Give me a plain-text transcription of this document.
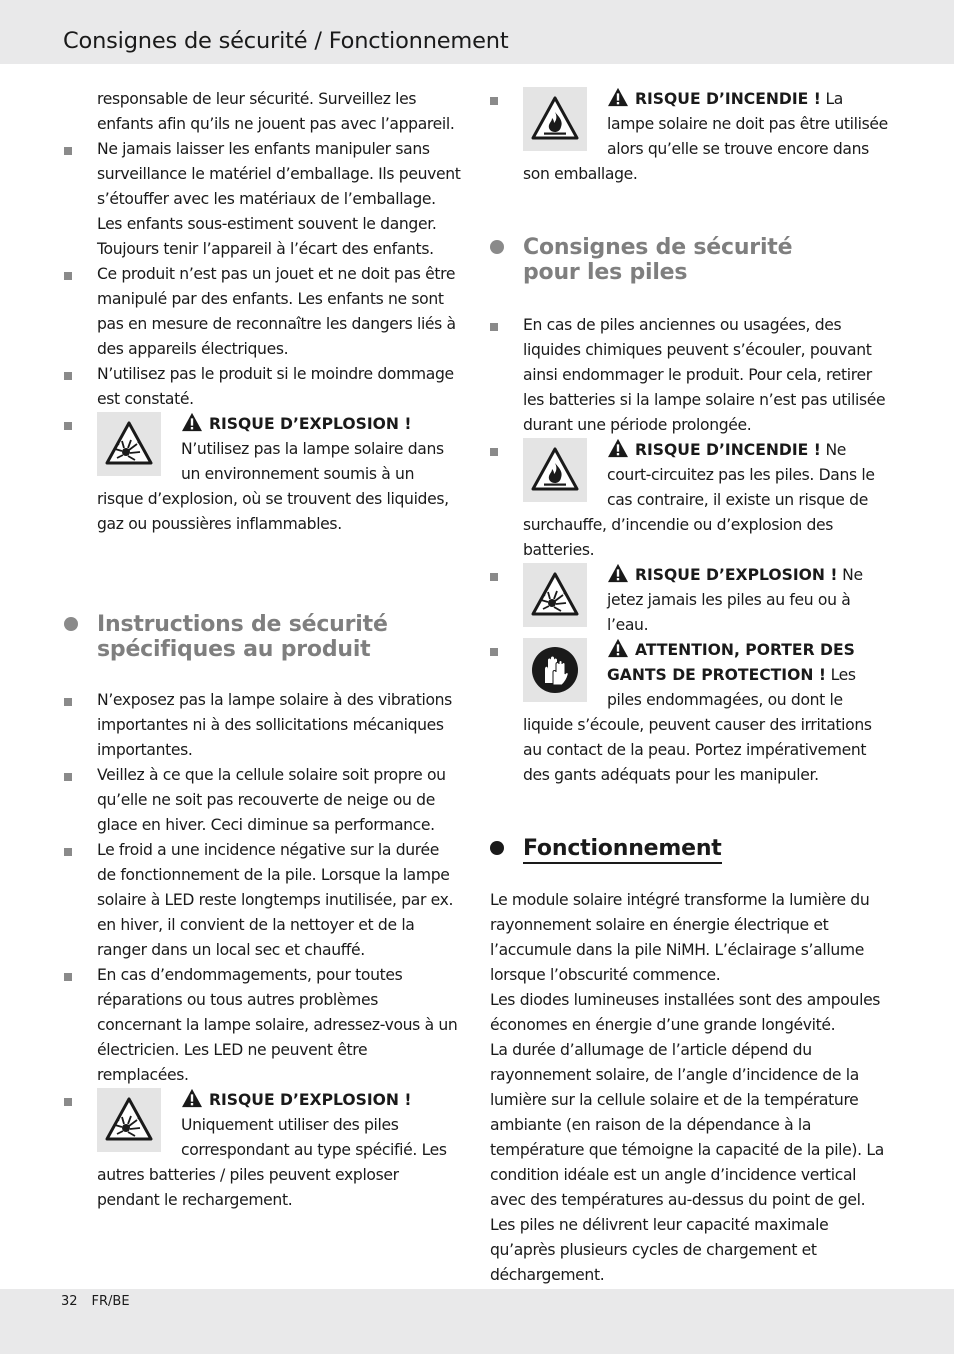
Consignes de sécurité / Fonctionnement

responsable de leur sécurité. Surveillez les enfants afin qu’ils ne jouent pas avec l’appareil.

Ne jamais laisser les enfants manipuler sans surveillance le matériel d’emballage. Ils peuvent s’étouffer avec les matériaux de l’emballage. Les enfants sous-estiment souvent le danger. Toujours tenir l’appareil à l’écart des enfants.
Ce produit n’est pas un jouet et ne doit pas être manipulé par des enfants. Les enfants ne sont pas en mesure de reconnaître les dangers liés à des appareils électriques.
N’utilisez pas le produit si le moindre dommage est constaté.
RISQUE D’EXPLOSION ! N’utilisez pas la lampe solaire dans un environnement soumis à un risque d’explosion, où se trouvent des liquides, gaz ou poussières inflammables.
Instructions de sécurité
spécifiques au produit
N’exposez pas la lampe solaire à des vibrations importantes ni à des sollicitations mécaniques importantes.
Veillez à ce que la cellule solaire soit propre ou qu’elle ne soit pas recouverte de neige ou de glace en hiver. Ceci diminue sa performance.
Le froid a une incidence négative sur la durée de fonctionnement de la pile. Lorsque la lampe solaire à LED reste longtemps inutilisée, par ex. en hiver, il convient de la nettoyer et de la ranger dans un local sec et chauffé.
En cas d’endommagements, pour toutes réparations ou tous autres problèmes concernant la lampe solaire, adressez-vous à un électricien. Les LED ne peuvent être remplacées.
RISQUE D’EXPLOSION ! Uniquement utiliser des piles correspondant au type spécifié. Les autres batteries / piles peuvent exploser pendant le rechargement.
RISQUE D’INCENDIE ! La lampe solaire ne doit pas être utilisée alors qu’elle se trouve encore dans son emballage.
Consignes de sécurité
pour les piles
En cas de piles anciennes ou usagées, des liquides chimiques peuvent s’écouler, pouvant ainsi endommager le produit. Pour cela, retirer les batteries si la lampe solaire n’est pas utilisée durant une période prolongée.
RISQUE D’INCENDIE ! Ne court-circuitez pas les piles. Dans le cas contraire, il existe un risque de surchauffe, d’incendie ou d’explosion des batteries.
RISQUE D’EXPLOSION ! Ne jetez jamais les piles au feu ou à l’eau.
ATTENTION, PORTER DES GANTS DE PROTECTION ! Les piles endommagées, ou dont le liquide s’écoule, peuvent causer des irritations au contact de la peau. Portez impérativement des gants adéquats pour les manipuler.
Fonctionnement

Le module solaire intégré transforme la lumière du rayonnement solaire en énergie électrique et l’accumule dans la pile NiMH. L’éclairage s’allume lorsque l’obscurité commence.

Les diodes lumineuses installées sont des ampoules économes en énergie d’une grande longévité.

La durée d’allumage de l’article dépend du rayonnement solaire, de l’angle d’incidence de la lumière sur la cellule solaire et de la température ambiante (en raison de la dépendance à la température que témoigne la capacité de la pile). La condition idéale est un angle d’incidence vertical avec des températures au-dessus du point de gel.

Les piles ne délivrent leur capacité maximale qu’après plusieurs cycles de chargement et déchargement.

32 FR/BE
